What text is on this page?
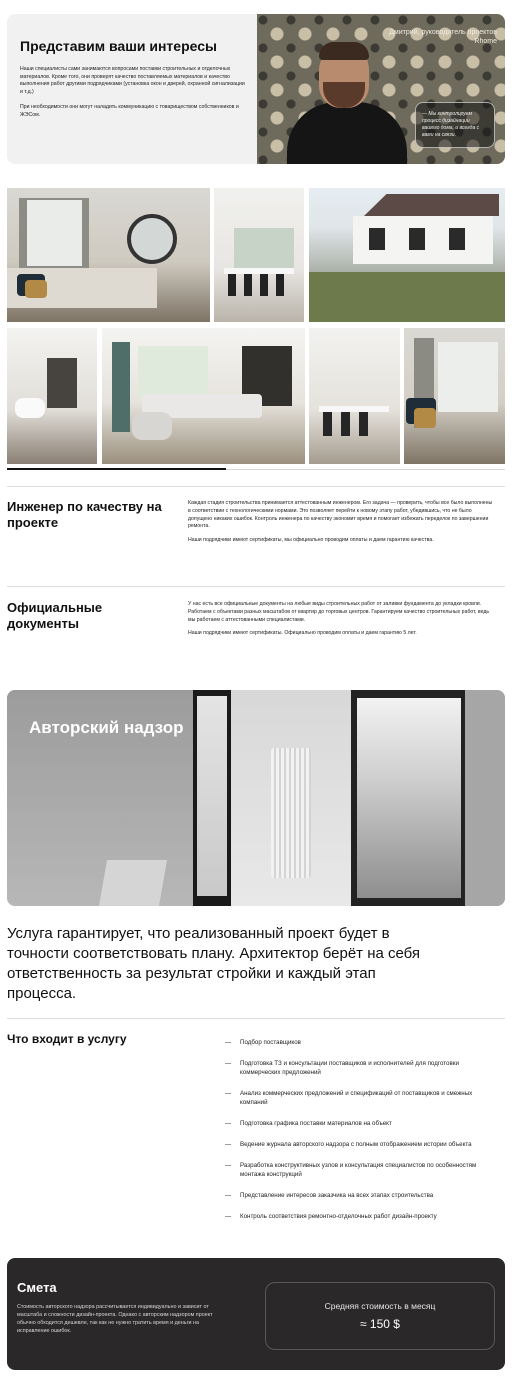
Представим ваши интересы

Наши специалисты сами занимаются вопросами поставки строительных и отделочных материалов. Кроме того, они проверят качество поставляемых материалов и качество выполнения работ другими подрядчиками (установка окон и дверей, охранной сигнализации и т.д.)

При необходимости они могут наладить коммуникацию с товариществом собственников и ЖЭСом.

Дмитрий, руководитель проектов Rhome
— Мы контролируем процесс дизайнации вашего дома, и всегда с вами на связи.
Инженер по качеству на проекте

Каждая стадия строительства принимается аттестованным инженером. Его задача — проверить, чтобы все было выполнены в соответствии с технологическими нормами. Это позволяет перейти к новому этапу работ, убедившись, что не было допущено никаких ошибок. Контроль инженера по качеству экономит время и помогает избежать переделок по завершении ремонта.

Наши подрядчики имеют сертификаты, мы официально проводим оплаты и даем гарантию качества.

Официальные документы

У нас есть все официальные документы на любые виды строительных работ от заливки фундамента до укладки кровли. Работаем с объектами разных масштабов от квартир до торговых центров. Гарантируем качество строительных работ, ведь мы работаем с аттестованными специалистами.

Наши подрядчики имеют сертификаты. Официально проводим оплаты и даем гарантию 5 лет.

Авторский надзор

Услуга гарантирует, что реализованный проект будет в точности соответствовать плану. Архитектор берёт на себя ответственность за результат стройки и каждый этап процесса.

Что входит в услугу	— Подбор поставщиков
— Подготовка ТЗ и консультации поставщиков и исполнителей для подготовки коммерческих предложений
— Анализ коммерческих предложений и спецификаций от поставщиков и смежных компаний
— Подготовка графика поставки материалов на объект
— Ведение журнала авторского надзора с полным отображением истории объекта
— Разработка конструктивных узлов и консультация специалистов по особенностям монтажа конструкций
— Представление интересов заказчика на всех этапах строительства
— Контроль соответствия ремонтно-отделочных работ дизайн-проекту
Смета

Стоимость авторского надзора рассчитывается индивидуально и зависит от масштаба и сложности дизайн-проекта. Однако с авторским надзором проект обычно обходится дешевле, так как не нужно тратить время и деньги на исправление ошибок.

Средняя стоимость в месяц
≈ 150 $
